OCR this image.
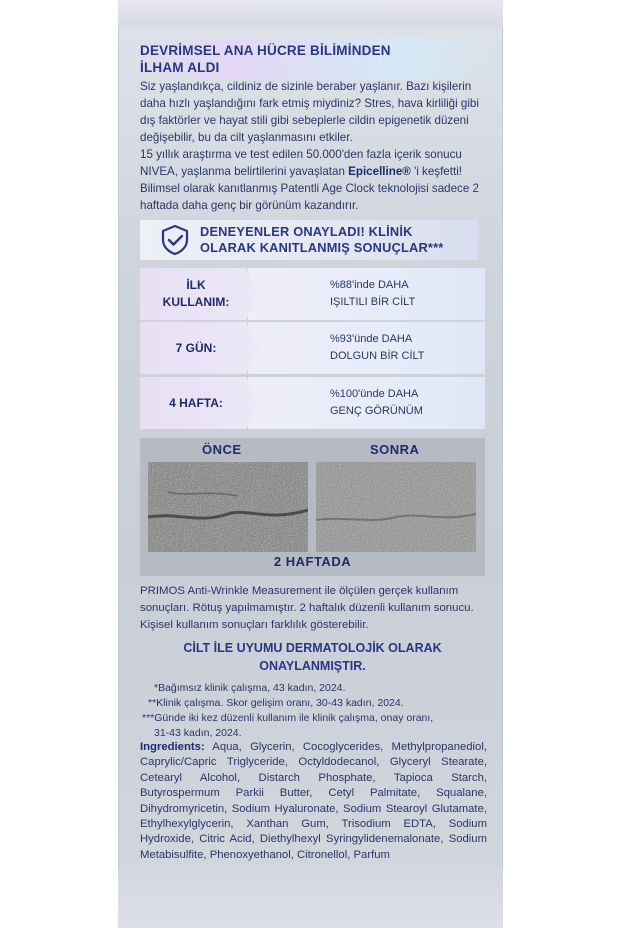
DEVRİMSEL ANA HÜCRE BİLİMİNDEN
İLHAM ALDI

Siz yaşlandıkça, cildiniz de sizinle beraber yaşlanır. Bazı kişilerin daha hızlı yaşlandığını fark etmiş miydiniz? Stres, hava kirliliği gibi dış faktörler ve hayat stili gibi sebeplerle cildin epigenetik düzeni değişebilir, bu da cilt yaşlanmasını etkiler.

15 yıllık araştırma ve test edilen 50.000'den fazla içerik sonucu NIVEA, yaşlanma belirtilerini yavaşlatan Epicelline® 'i keşfetti! Bilimsel olarak kanıtlanmış Patentli Age Clock teknolojisi sadece 2 haftada daha genç bir görünüm kazandırır.

DENEYENLER ONAYLADI! KLİNİK
OLARAK KANITLANMIŞ SONUÇLAR***
İLK
KULLANIM:
%88'inde DAHA
IŞILTILI BİR CİLT
7 GÜN:
%93'ünde DAHA
DOLGUN BİR CİLT
4 HAFTA:
%100'ünde DAHA
GENÇ GÖRÜNÜM
ÖNCE	SONRA
2 HAFTADA

PRIMOS Anti-Wrinkle Measurement ile ölçülen gerçek kullanım sonuçları. Rötuş yapılmamıştır. 2 haftalık düzenli kullanım sonucu. Kişisel kullanım sonuçları farklılık gösterebilir.

CİLT İLE UYUMU DERMATOLOJİK OLARAK
ONAYLANMIŞTIR.

*Bağımsız klinik çalışma, 43 kadın, 2024.

**Klinik çalışma. Skor gelişim oranı, 30-43 kadın, 2024.

***Günde iki kez düzenli kullanım ile klinik çalışma, onay oranı,
31-43 kadın, 2024.

Ingredients: Aqua, Glycerin, Cocoglycerides, Methylpropanediol, Caprylic/Capric Triglyceride, Octyldodecanol, Glyceryl Stearate, Cetearyl Alcohol, Distarch Phosphate, Tapioca Starch, Butyrospermum Parkii Butter, Cetyl Palmitate, Squalane, Dihydromyricetin, Sodium Hyaluronate, Sodium Stearoyl Glutamate, Ethylhexylglycerin, Xanthan Gum, Trisodium EDTA, Sodium Hydroxide, Citric Acid, Diethylhexyl Syringylidenemalonate, Sodium Metabisulfite, Phenoxyethanol, Citronellol, Parfum
